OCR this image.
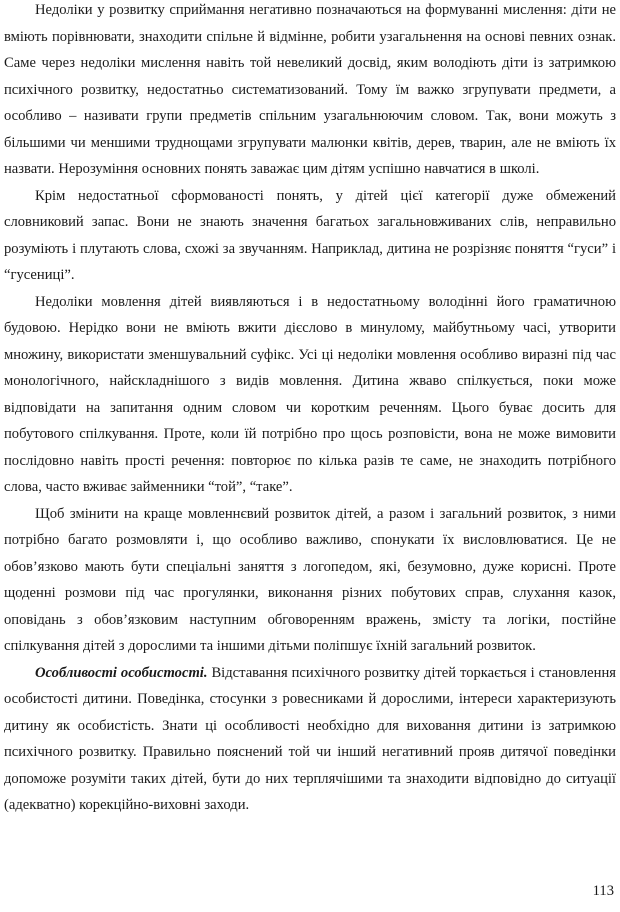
Недоліки у розвитку сприймання негативно позначаються на формуванні мислення: діти не вміють порівнювати, знаходити спільне й відмінне, робити узагальнення на основі певних ознак. Саме через недоліки мислення навіть той невеликий досвід, яким володіють діти із затримкою психічного розвитку, недостатньо систематизований. Тому їм важко згрупувати предмети, а особливо – називати групи предметів спільним узагальнюючим словом. Так, вони можуть з більшими чи меншими труднощами згрупувати малюнки квітів, дерев, тварин, але не вміють їх назвати. Нерозуміння основних понять заважає цим дітям успішно навчатися в школі.

Крім недостатньої сформованості понять, у дітей цієї категорії дуже обмежений словниковий запас. Вони не знають значення багатьох загальновживаних слів, неправильно розуміють і плутають слова, схожі за звучанням. Наприклад, дитина не розрізняє поняття “гуси” і “гусениці”.

Недоліки мовлення дітей виявляються і в недостатньому володінні його граматичною будовою. Нерідко вони не вміють вжити дієслово в минулому, майбутньому часі, утворити множину, використати зменшувальний суфікс. Усі ці недоліки мовлення особливо виразні під час монологічного, найскладнішого з видів мовлення. Дитина жваво спілкується, поки може відповідати на запитання одним словом чи коротким реченням. Цього буває досить для побутового спілкування. Проте, коли їй потрібно про щось розповісти, вона не може вимовити послідовно навіть прості речення: повторює по кілька разів те саме, не знаходить потрібного слова, часто вживає займенники “той”, “таке”.

Щоб змінити на краще мовленнєвий розвиток дітей, а разом і загальний розвиток, з ними потрібно багато розмовляти і, що особливо важливо, спонукати їх висловлюватися. Це не обов’язково мають бути спеціальні заняття з логопедом, які, безумовно, дуже корисні. Проте щоденні розмови під час прогулянки, виконання різних побутових справ, слухання казок, оповідань з обов’язковим наступним обговоренням вражень, змісту та логіки, постійне спілкування дітей з дорослими та іншими дітьми поліпшує їхній загальний розвиток.

Особливості особистості. Відставання психічного розвитку дітей торкається і становлення особистості дитини. Поведінка, стосунки з ровесниками й дорослими, інтереси характеризують дитину як особистість. Знати ці особливості необхідно для виховання дитини із затримкою психічного розвитку. Правильно пояснений той чи інший негативний прояв дитячої поведінки допоможе розуміти таких дітей, бути до них терплячішими та знаходити відповідно до ситуації (адекватно) корекційно-виховні заходи.

113
